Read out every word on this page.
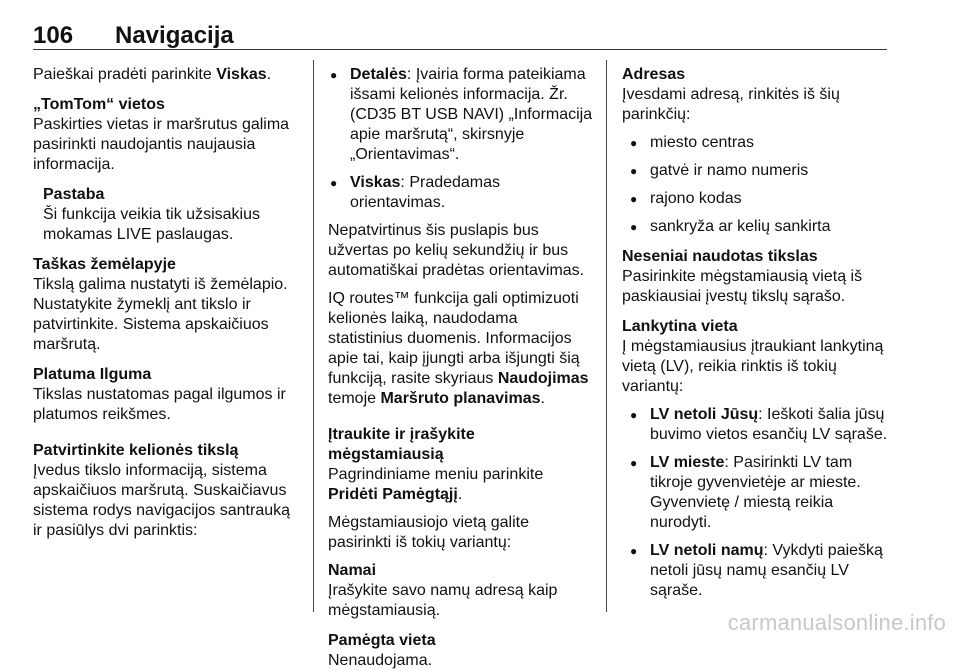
106 Navigacija

Paieškai pradėti parinkite Viskas.

„TomTom“ vietos

Paskirties vietas ir maršrutus galima pasirinkti naudojantis naujausia informacija.

Pastaba

Ši funkcija veikia tik užsisakius mokamas LIVE paslaugas.

Taškas žemėlapyje

Tikslą galima nustatyti iš žemėlapio. Nustatykite žymeklį ant tikslo ir patvirtinkite. Sistema apskaičiuos maršrutą.

Platuma Ilguma

Tikslas nustatomas pagal ilgumos ir platumos reikšmes.

Patvirtinkite kelionės tikslą

Įvedus tikslo informaciją, sistema apskaičiuos maršrutą. Suskaičiavus sistema rodys navigacijos santrauką ir pasiūlys dvi parinktis:

● Detalės: Įvairia forma pateikiama išsami kelionės informacija. Žr. (CD35 BT USB NAVI) „Informacija apie maršrutą“, skirsnyje „Orientavimas“.
● Viskas: Pradedamas orientavimas.

Nepatvirtinus šis puslapis bus užvertas po kelių sekundžių ir bus automatiškai pradėtas orientavimas.

IQ routes™ funkcija gali optimizuoti kelionės laiką, naudodama statistinius duomenis. Informacijos apie tai, kaip įjungti arba išjungti šią funkciją, rasite skyriaus Naudojimas temoje Maršruto planavimas.

Įtraukite ir įrašykite mėgstamiausią

Pagrindiniame meniu parinkite Pridėti Pamėgtąjį.

Mėgstamiausiojo vietą galite pasirinkti iš tokių variantų:

Namai

Įrašykite savo namų adresą kaip mėgstamiausią.

Pamėgta vieta

Nenaudojama.

Adresas

Įvesdami adresą, rinkitės iš šių parinkčių:

● miesto centras
● gatvė ir namo numeris
● rajono kodas
● sankryža ar kelių sankirta

Neseniai naudotas tikslas

Pasirinkite mėgstamiausią vietą iš paskiausiai įvestų tikslų sąrašo.

Lankytina vieta

Į mėgstamiausius įtraukiant lankytiną vietą (LV), reikia rinktis iš tokių variantų:

● LV netoli Jūsų: Ieškoti šalia jūsų buvimo vietos esančių LV sąraše.
● LV mieste: Pasirinkti LV tam tikroje gyvenvietėje ar mieste. Gyvenvietę / miestą reikia nurodyti.
● LV netoli namų: Vykdyti paiešką netoli jūsų namų esančių LV sąraše.
carmanualsonline.info
